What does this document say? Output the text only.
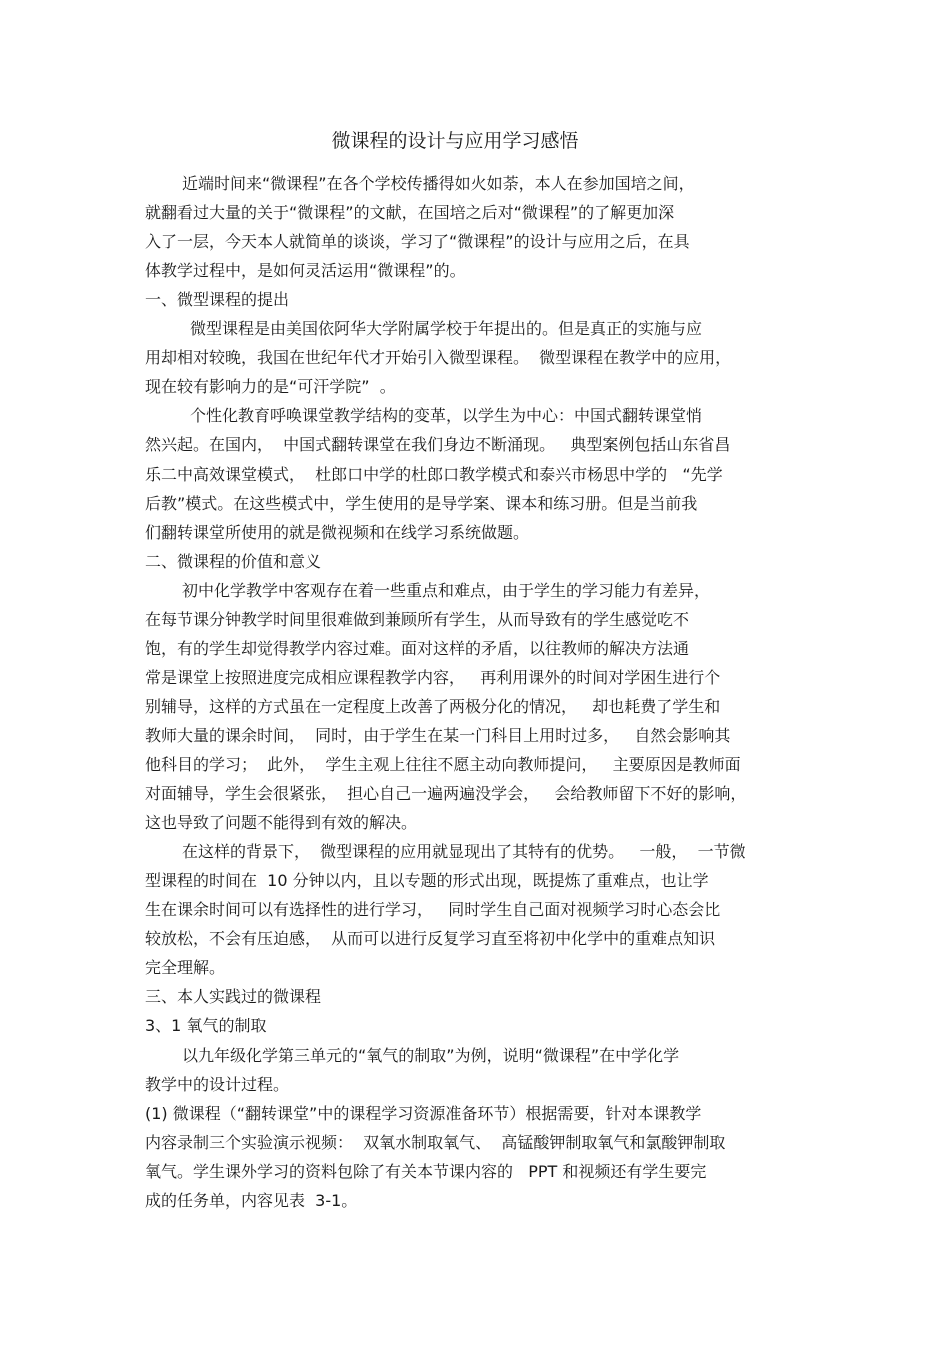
微课程的设计与应用学习感悟
近端时间来“微课程”在各个学校传播得如火如荼，本人在参加国培之间，
就翻看过大量的关于“微课程”的文献，在国培之后对“微课程”的了解更加深
入了一层，今天本人就简单的谈谈，学习了“微课程”的设计与应用之后，在具
体教学过程中，是如何灵活运用“微课程”的。
一、微型课程的提出
微型课程是由美国依阿华大学附属学校于年提出的。但是真正的实施与应
用却相对较晚，我国在世纪年代才开始引入微型课程。  微型课程在教学中的应用，
现在较有影响力的是“可汗学院”  。
个性化教育呼唤课堂教学结构的变革，以学生为中心：中国式翻转课堂悄
然兴起。在国内，  中国式翻转课堂在我们身边不断涌现。   典型案例包括山东省昌
乐二中高效课堂模式，  杜郎口中学的杜郎口教学模式和泰兴市杨思中学的   “先学
后教”模式。在这些模式中，学生使用的是导学案、课本和练习册。但是当前我
们翻转课堂所使用的就是微视频和在线学习系统做题。
二、微课程的价值和意义
初中化学教学中客观存在着一些重点和难点，由于学生的学习能力有差异，
在每节课分钟教学时间里很难做到兼顾所有学生，从而导致有的学生感觉吃不
饱，有的学生却觉得教学内容过难。面对这样的矛盾，以往教师的解决方法通
常是课堂上按照进度完成相应课程教学内容，   再利用课外的时间对学困生进行个
别辅导，这样的方式虽在一定程度上改善了两极分化的情况，   却也耗费了学生和
教师大量的课余时间，  同时，由于学生在某一门科目上用时过多，   自然会影响其
他科目的学习；  此外，  学生主观上往往不愿主动向教师提问，   主要原因是教师面
对面辅导，学生会很紧张，  担心自己一遍两遍没学会，   会给教师留下不好的影响，
这也导致了问题不能得到有效的解决。
在这样的背景下，  微型课程的应用就显现出了其特有的优势。   一般，  一节微
型课程的时间在  10 分钟以内，且以专题的形式出现，既提炼了重难点，也让学
生在课余时间可以有选择性的进行学习，   同时学生自己面对视频学习时心态会比
较放松，不会有压迫感，  从而可以进行反复学习直至将初中化学中的重难点知识
完全理解。
三、本人实践过的微课程
3、1 氧气的制取
以九年级化学第三单元的“氧气的制取”为例，说明“微课程”在中学化学
教学中的设计过程。
(1) 微课程（“翻转课堂”中的课程学习资源准备环节）根据需要，针对本课教学
内容录制三个实验演示视频：  双氧水制取氧气、  高锰酸钾制取氧气和氯酸钾制取
氧气。学生课外学习的资料包除了有关本节课内容的   PPT 和视频还有学生要完
成的任务单，内容见表  3-1。
